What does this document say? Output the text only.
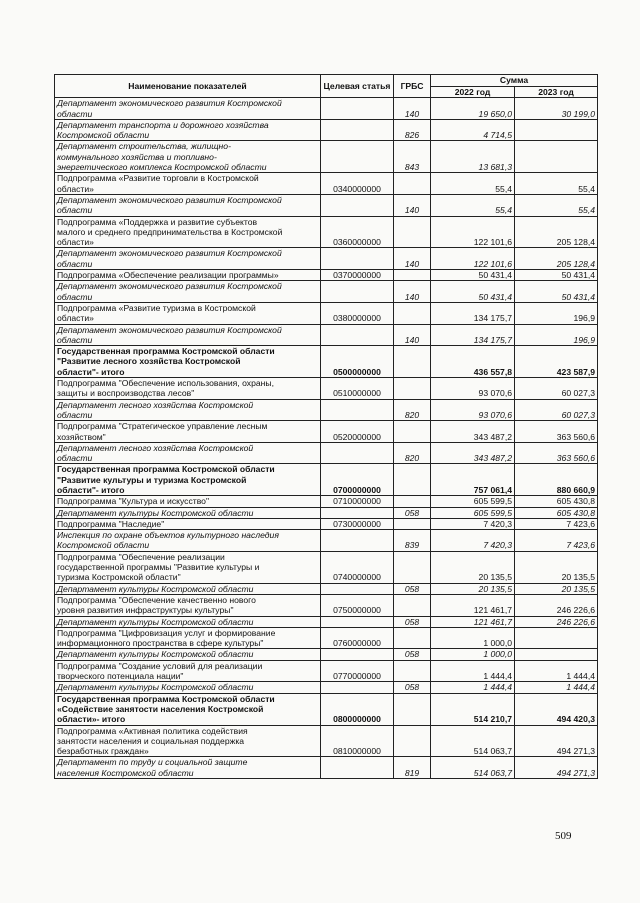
Наименование показателей	Целевая статья	ГРБС	Сумма	
			2022 год	2023 год
Департамент экономического развития Костромской
области		140	19 650,0	30 199,0
Департамент транспорта и дорожного хозяйства
Костромской области		826	4 714,5	
Департамент строительства, жилищно-
коммунального хозяйства и топливно-
энергетического комплекса Костромской области		843	13 681,3	
Подпрограмма «Развитие торговли в Костромской
области»	0340000000		55,4	55,4
Департамент экономического развития Костромской
области		140	55,4	55,4
Подпрограмма «Поддержка и развитие субъектов
малого и среднего предпринимательства в Костромской
области»	0360000000		122 101,6	205 128,4
Департамент экономического развития Костромской
области		140	122 101,6	205 128,4
Подпрограмма «Обеспечение реализации программы»	0370000000		50 431,4	50 431,4
Департамент экономического развития Костромской
области		140	50 431,4	50 431,4
Подпрограмма «Развитие туризма в Костромской
области»	0380000000		134 175,7	196,9
Департамент экономического развития Костромской
области		140	134 175,7	196,9
Государственная программа Костромской области
"Развитие лесного хозяйства Костромской
области"- итого	0500000000		436 557,8	423 587,9
Подпрограмма "Обеспечение использования, охраны,
защиты и воспроизводства лесов"	0510000000		93 070,6	60 027,3
Департамент лесного хозяйства Костромской
области		820	93 070,6	60 027,3
Подпрограмма "Стратегическое управление лесным
хозяйством"	0520000000		343 487,2	363 560,6
Департамент лесного хозяйства Костромской
области		820	343 487,2	363 560,6
Государственная программа Костромской области
"Развитие культуры и туризма Костромской
области"- итого	0700000000		757 061,4	880 660,9
Подпрограмма "Культура и искусство"	0710000000		605 599,5	605 430,8
Департамент культуры Костромской области		058	605 599,5	605 430,8
Подпрограмма "Наследие"	0730000000		7 420,3	7 423,6
Инспекция по охране объектов культурного наследия
Костромской области		839	7 420,3	7 423,6
Подпрограмма "Обеспечение реализации
государственной программы "Развитие культуры и
туризма Костромской области"	0740000000		20 135,5	20 135,5
Департамент культуры Костромской области		058	20 135,5	20 135,5
Подпрограмма "Обеспечение качественно нового
уровня развития инфраструктуры культуры"	0750000000		121 461,7	246 226,6
Департамент культуры Костромской области		058	121 461,7	246 226,6
Подпрограмма "Цифровизация услуг и формирование
информационного пространства в сфере культуры"	0760000000		1 000,0	
Департамент культуры Костромской области		058	1 000,0	
Подпрограмма "Создание условий для реализации
творческого потенциала нации"	0770000000		1 444,4	1 444,4
Департамент культуры Костромской области		058	1 444,4	1 444,4
Государственная программа Костромской области
«Содействие занятости населения Костромской
области»- итого	0800000000		514 210,7	494 420,3
Подпрограмма «Активная политика содействия
занятости населения и социальная поддержка
безработных граждан»	0810000000		514 063,7	494 271,3
Департамент по труду и социальной защите
населения Костромской области		819	514 063,7	494 271,3
509
